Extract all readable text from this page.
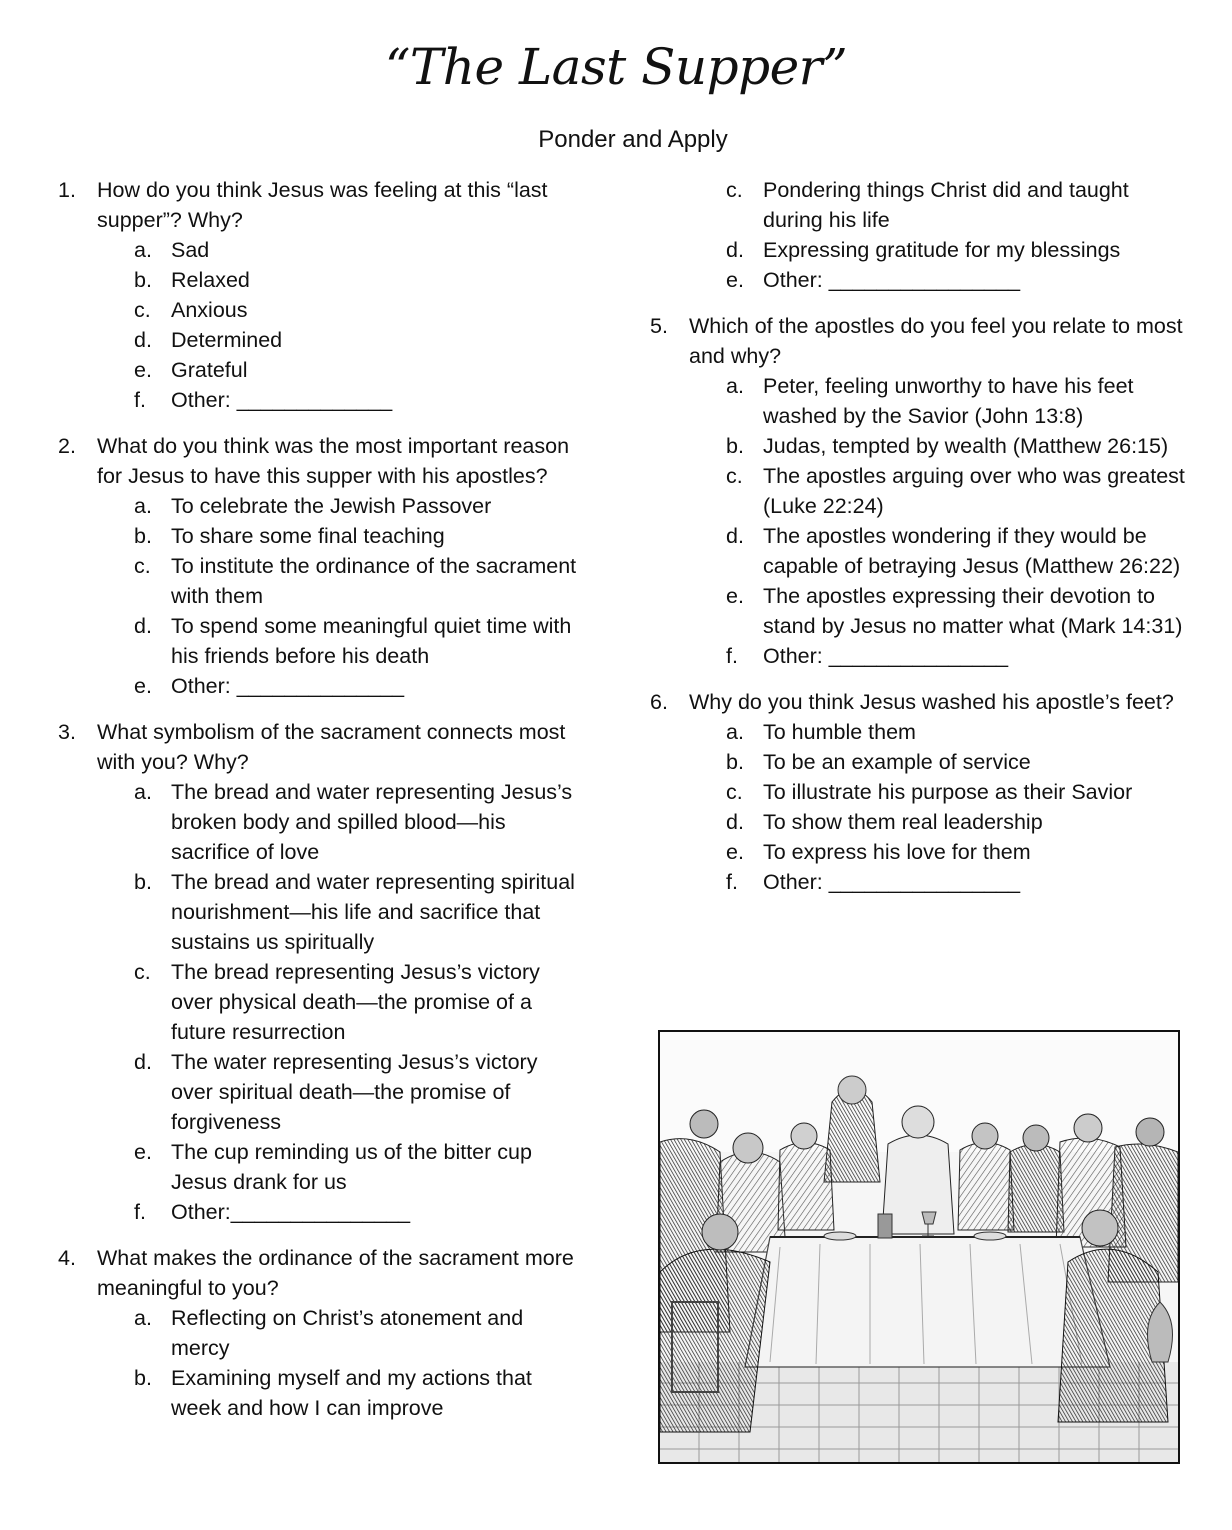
“The Last Supper”
Ponder and Apply
1. How do you think Jesus was feeling at this “last supper”? Why?
a. Sad
b. Relaxed
c. Anxious
d. Determined
e. Grateful
f. Other: _____________
2. What do you think was the most important reason for Jesus to have this supper with his apostles?
a. To celebrate the Jewish Passover
b. To share some final teaching
c. To institute the ordinance of the sacrament with them
d. To spend some meaningful quiet time with his friends before his death
e. Other: ______________
3. What symbolism of the sacrament connects most with you? Why?
a. The bread and water representing Jesus’s broken body and spilled blood—his sacrifice of love
b. The bread and water representing spiritual nourishment—his life and sacrifice that sustains us spiritually
c. The bread representing Jesus’s victory over physical death—the promise of a future resurrection
d. The water representing Jesus’s victory over spiritual death—the promise of forgiveness
e. The cup reminding us of the bitter cup Jesus drank for us
f. Other:_______________
4. What makes the ordinance of the sacrament more meaningful to you?
a. Reflecting on Christ’s atonement and mercy
b. Examining myself and my actions that week and how I can improve
c. Pondering things Christ did and taught during his life
d. Expressing gratitude for my blessings
e. Other: ________________
5. Which of the apostles do you feel you relate to most and why?
a. Peter, feeling unworthy to have his feet washed by the Savior (John 13:8)
b. Judas, tempted by wealth (Matthew 26:15)
c. The apostles arguing over who was greatest (Luke 22:24)
d. The apostles wondering if they would be capable of betraying Jesus (Matthew 26:22)
e. The apostles expressing their devotion to stand by Jesus no matter what (Mark 14:31)
f. Other: _______________
6. Why do you think Jesus washed his apostle’s feet?
a. To humble them
b. To be an example of service
c. To illustrate his purpose as their Savior
d. To show them real leadership
e. To express his love for them
f. Other: ________________
